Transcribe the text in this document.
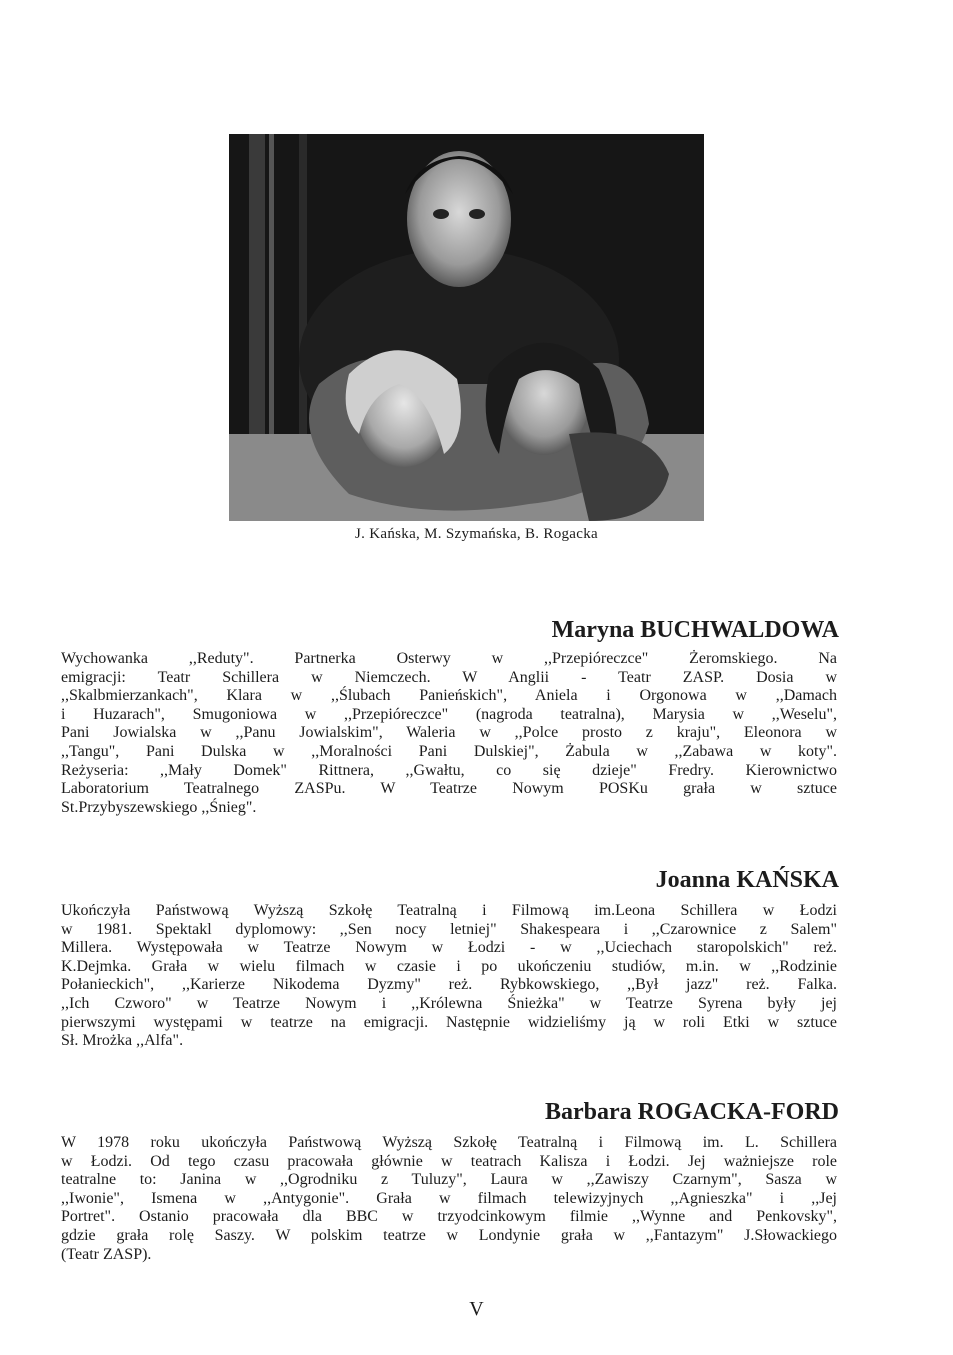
J. Kańska, M. Szymańska, B. Rogacka
Maryna BUCHWALDOWA
Wychowanka ,,Reduty". Partnerka Osterwy w ,,Przepióreczce" Żeromskiego. Na
emigracji: Teatr Schillera w Niemczech. W Anglii - Teatr ZASP. Dosia w
,,Skalbmierzankach", Klara w ,,Ślubach Panieńskich", Aniela i Orgonowa w ,,Damach
i Huzarach", Smugoniowa w ,,Przepióreczce" (nagroda teatralna), Marysia w ,,Weselu",
Pani Jowialska w ,,Panu Jowialskim", Waleria w ,,Polce prosto z kraju", Eleonora w
,,Tangu", Pani Dulska w ,,Moralności Pani Dulskiej", Żabula w ,,Zabawa w koty".
Reżyseria: ,,Mały Domek" Rittnera, ,,Gwałtu, co się dzieje" Fredry. Kierownictwo
Laboratorium Teatralnego ZASPu. W Teatrze Nowym POSKu grała w sztuce
St.Przybyszewskiego ,,Śnieg".
Joanna KAŃSKA
Ukończyła Państwową Wyższą Szkołę Teatralną i Filmową im.Leona Schillera w Łodzi
w 1981. Spektakl dyplomowy: ,,Sen nocy letniej" Shakespeara i ,,Czarownice z Salem"
Millera. Występowała w Teatrze Nowym w Łodzi - w ,,Uciechach staropolskich" reż.
K.Dejmka. Grała w wielu filmach w czasie i po ukończeniu studiów, m.in. w ,,Rodzinie
Połanieckich", ,,Karierze Nikodema Dyzmy" reż. Rybkowskiego, ,,Był jazz" reż. Falka.
,,Ich Czworo" w Teatrze Nowym i ,,Królewna Śnieżka" w Teatrze Syrena były jej
pierwszymi występami w teatrze na emigracji. Następnie widzieliśmy ją w roli Etki w sztuce
Sł. Mrożka ,,Alfa".
Barbara ROGACKA-FORD
W 1978 roku ukończyła Państwową Wyższą Szkołę Teatralną i Filmową im. L. Schillera
w Łodzi. Od tego czasu pracowała głównie w teatrach Kalisza i Łodzi. Jej ważniejsze role
teatralne to: Janina w ,,Ogrodniku z Tuluzy", Laura w ,,Zawiszy Czarnym", Sasza w
,,Iwonie", Ismena w ,,Antygonie". Grała w filmach telewizyjnych ,,Agnieszka" i ,,Jej
Portret". Ostanio pracowała dla BBC w trzyodcinkowym filmie ,,Wynne and Penkovsky",
gdzie grała rolę Saszy. W polskim teatrze w Londynie grała w ,,Fantazym" J.Słowackiego
(Teatr ZASP).
V
